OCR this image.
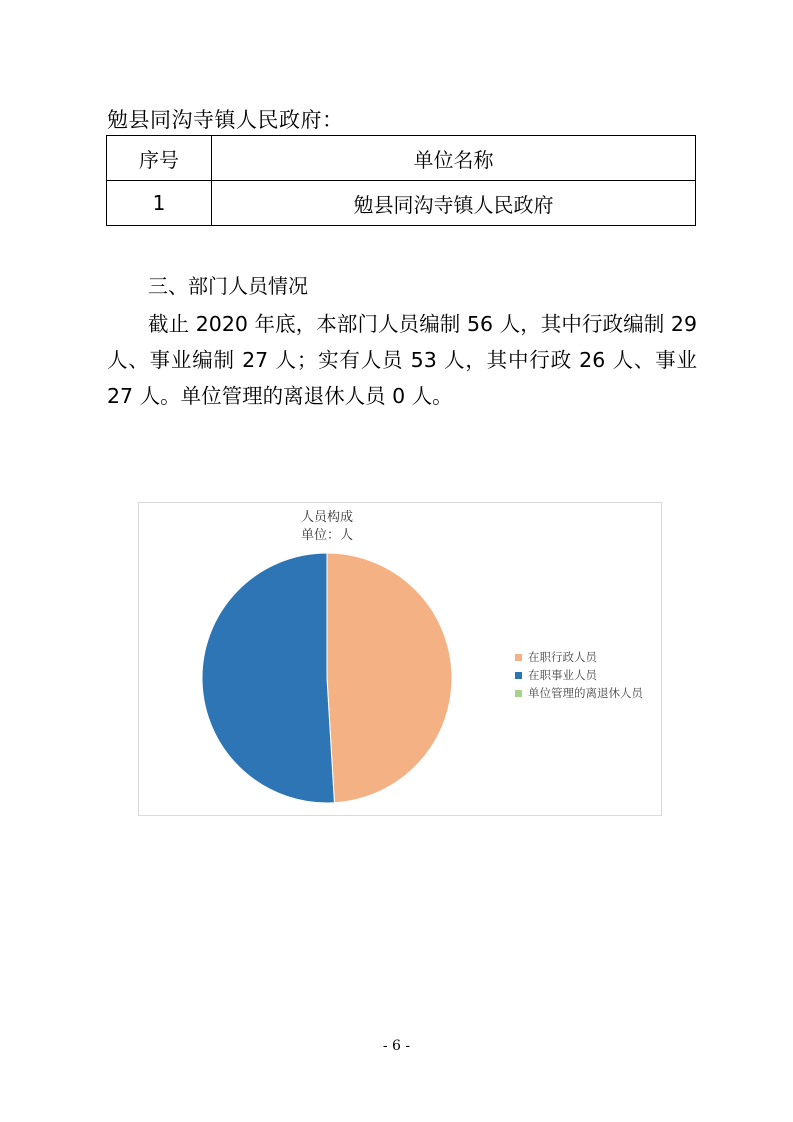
勉县同沟寺镇人民政府：
序号	单位名称
1	勉县同沟寺镇人民政府
三、部门人员情况
截止 2020 年底，本部门人员编制 56 人，其中行政编制 29 人、事业编制 27 人；实有人员 53 人，其中行政 26 人、事业 27 人。单位管理的离退休人员 0 人。
人员构成
单位：人
在职行政人员
在职事业人员
单位管理的离退休人员
- 6 -
